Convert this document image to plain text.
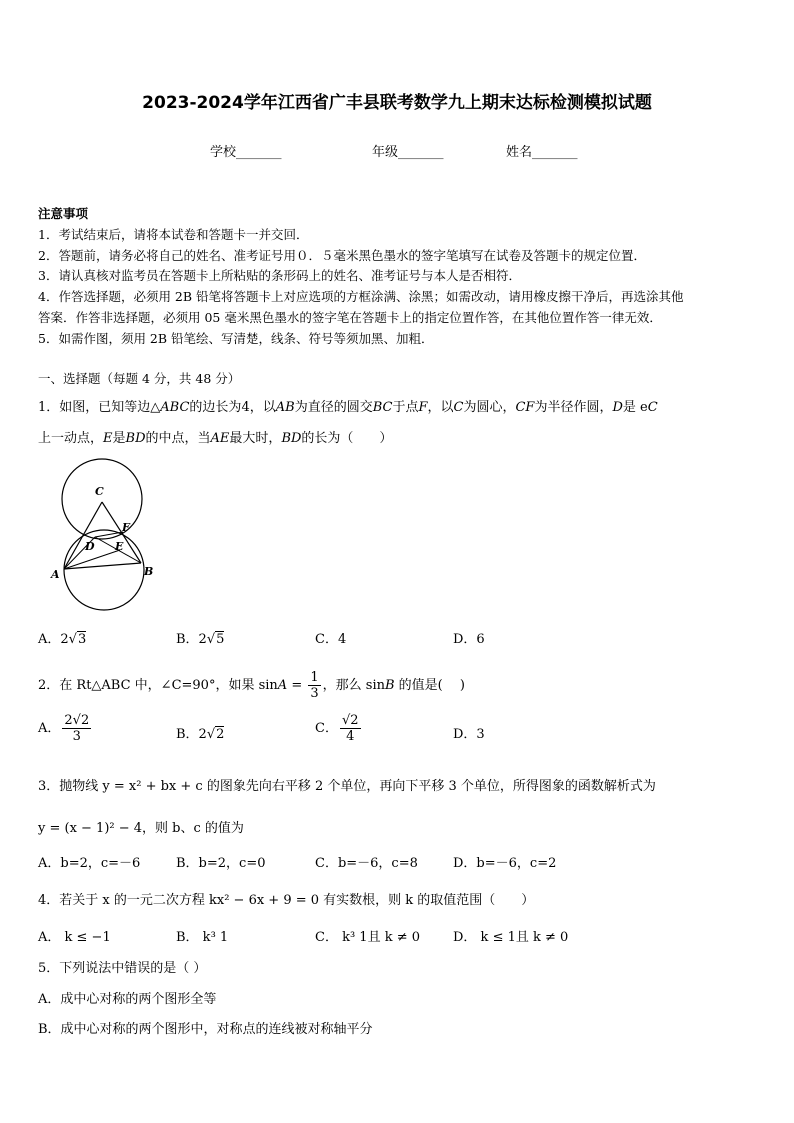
2023-2024学年江西省广丰县联考数学九上期末达标检测模拟试题
学校_______	年级_______	姓名_______
注意事项
1．考试结束后，请将本试卷和答题卡一并交回．
2．答题前，请务必将自己的姓名、准考证号用０．５毫米黑色墨水的签字笔填写在试卷及答题卡的规定位置．
3．请认真核对监考员在答题卡上所粘贴的条形码上的姓名、准考证号与本人是否相符．
4．作答选择题，必须用 2B 铅笔将答题卡上对应选项的方框涂满、涂黑；如需改动，请用橡皮擦干净后，再选涂其他
答案．作答非选择题，必须用 05 毫米黑色墨水的签字笔在答题卡上的指定位置作答，在其他位置作答一律无效．
5．如需作图，须用 2B 铅笔绘、写清楚，线条、符号等须加黑、加粗．
一、选择题（每题 4 分，共 48 分）
1．如图，已知等边△ABC的边长为4，以AB为直径的圆交BC于点F，以C为圆心，CF为半径作圆，D是 eC
上一动点，E是BD的中点，当AE最大时，BD的长为（　　）
C
F
D E
A	B
A．2√3	B．2√5	C．4	D．6
2．在 Rt△ABC 中，∠C=90°，如果 $\sin A = \frac{1}{3}$ ，那么 sinB 的值是(　 )
A． $\frac{2√2}{3}$	B．2√2	C． $\frac{√2}{4}$	D．3
3．抛物线 y = x² + bx + c 的图象先向右平移 2 个单位，再向下平移 3 个单位，所得图象的函数解析式为
y = (x − 1)² − 4，则 b、c 的值为
A．b=2，c=－6	B．b=2，c=0	C．b=－6，c=8	D．b=－6，c=2
4．若关于 x 的一元二次方程 kx² − 6x + 9 = 0 有实数根，则 k 的取值范围（　　）
A． k ≤ −1	B． k³ 1	C． k³ 1且 k ≠ 0	D． k ≤ 1且 k ≠ 0
5．下列说法中错误的是（ ）
A．成中心对称的两个图形全等
B．成中心对称的两个图形中，对称点的连线被对称轴平分
